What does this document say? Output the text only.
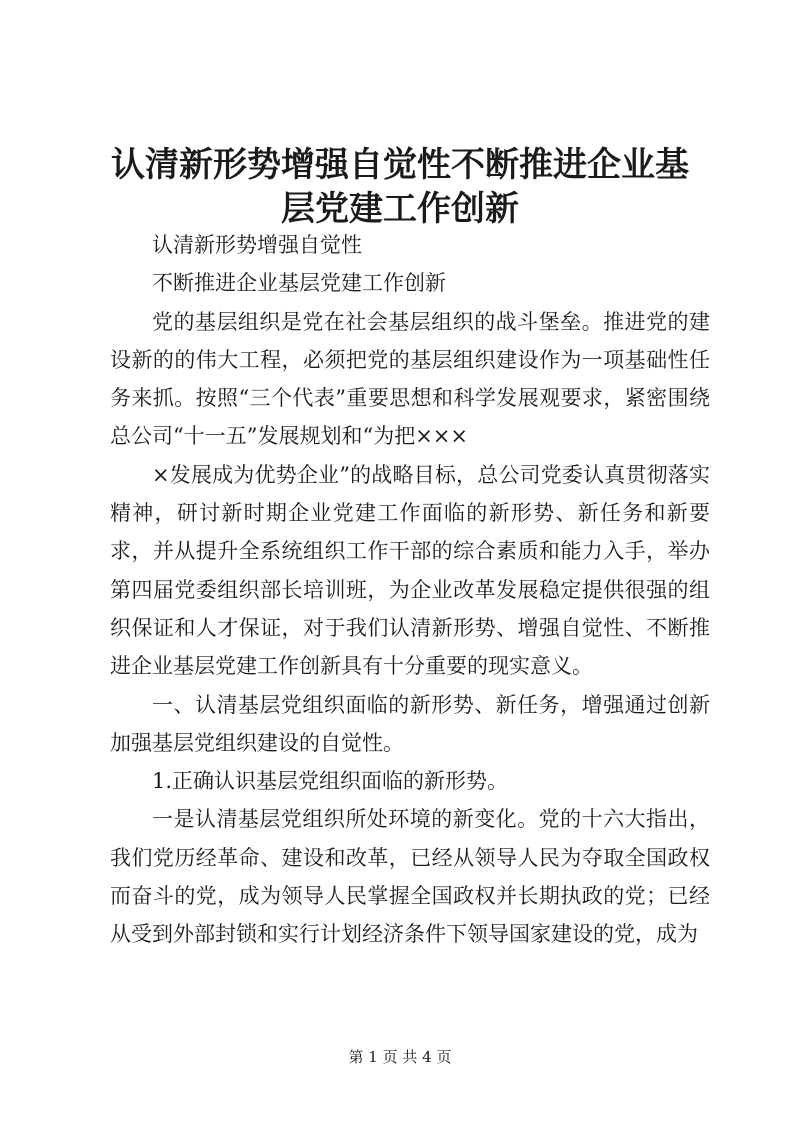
认清新形势增强自觉性不断推进企业基层党建工作创新

认清新形势增强自觉性

不断推进企业基层党建工作创新

党的基层组织是党在社会基层组织的战斗堡垒。推进党的建设新的的伟大工程，必须把党的基层组织建设作为一项基础性任务来抓。按照“三个代表”重要思想和科学发展观要求，紧密围绕总公司“十一五”发展规划和“为把×××

×发展成为优势企业”的战略目标，总公司党委认真贯彻落实精神，研讨新时期企业党建工作面临的新形势、新任务和新要求，并从提升全系统组织工作干部的综合素质和能力入手，举办第四届党委组织部长培训班，为企业改革发展稳定提供很强的组织保证和人才保证，对于我们认清新形势、增强自觉性、不断推进企业基层党建工作创新具有十分重要的现实意义。

一、认清基层党组织面临的新形势、新任务，增强通过创新加强基层党组织建设的自觉性。

1.正确认识基层党组织面临的新形势。

一是认清基层党组织所处环境的新变化。党的十六大指出，我们党历经革命、建设和改革，已经从领导人民为夺取全国政权而奋斗的党，成为领导人民掌握全国政权并长期执政的党；已经从受到外部封锁和实行计划经济条件下领导国家建设的党，成为

第 1 页 共 4 页
